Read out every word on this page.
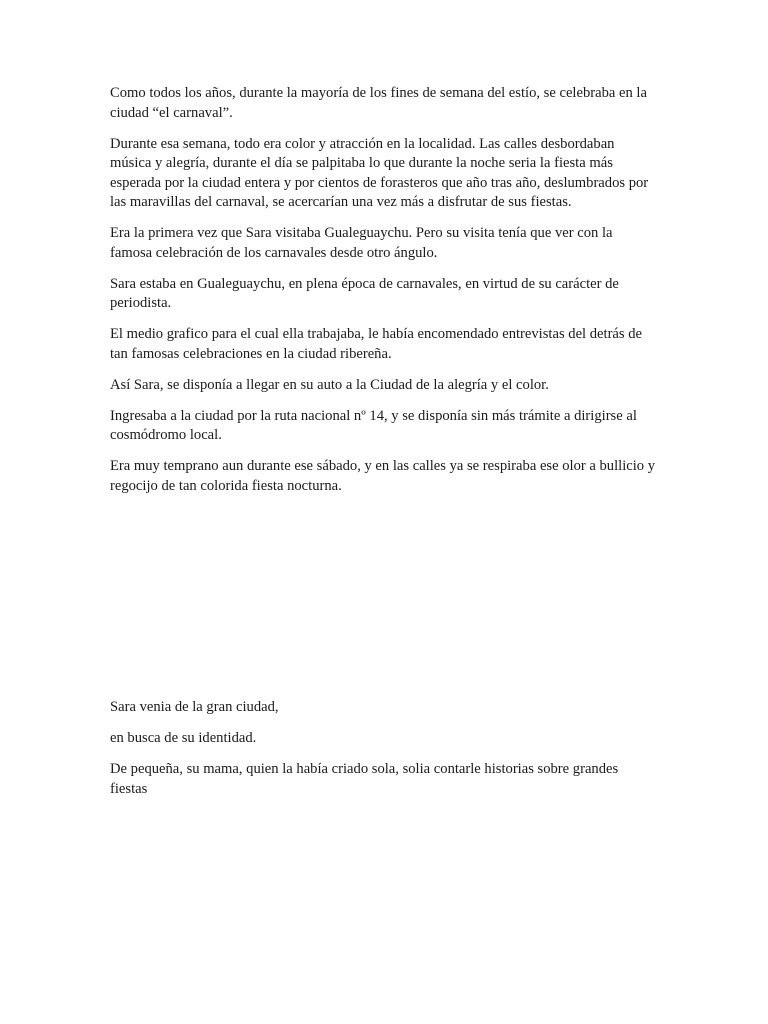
Como todos los años, durante la mayoría de los fines de semana del estío, se celebraba en la ciudad “el carnaval”.

Durante esa semana, todo era color y atracción en la localidad. Las calles desbordaban música y alegría, durante el día se palpitaba lo que durante la noche seria la fiesta más esperada por la ciudad entera y por cientos de forasteros que año tras año, deslumbrados por las maravillas del carnaval, se acercarían una vez más a disfrutar de sus fiestas.

Era la primera vez que Sara visitaba Gualeguaychu. Pero su visita tenía que ver con la famosa celebración de los carnavales desde otro ángulo.

Sara estaba en Gualeguaychu, en plena época de carnavales, en virtud de su carácter de periodista.

El medio grafico para el cual ella trabajaba, le había encomendado entrevistas del detrás de tan famosas celebraciones en la ciudad ribereña.

Así Sara, se disponía a llegar en su auto a la Ciudad de la alegría y el color.

Ingresaba a la ciudad por la ruta nacional nº 14, y se disponía sin más trámite a dirigirse al cosmódromo local.

Era muy temprano aun durante ese sábado, y en las calles ya se respiraba ese olor a bullicio y regocijo de tan colorida fiesta nocturna.

Sara venia de la gran ciudad,

en busca de su identidad.

De pequeña, su mama, quien la había criado sola, solia contarle historias sobre grandes fiestas
